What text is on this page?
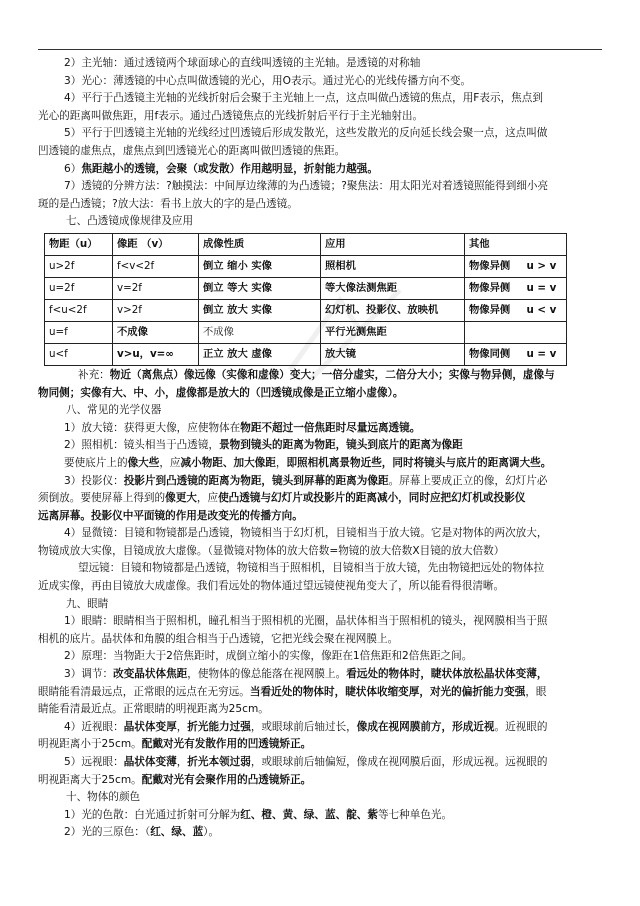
2）主光轴：通过透镜两个球面球心的直线叫透镜的主光轴。是透镜的对称轴

3）光心：薄透镜的中心点叫做透镜的光心，用O表示。通过光心的光线传播方向不变。

4）平行于凸透镜主光轴的光线折射后会聚于主光轴上一点，这点叫做凸透镜的焦点，用F表示，焦点到

光心的距离叫做焦距，用f表示。通过凸透镜焦点的光线折射后平行于主光轴射出。

5）平行于凹透镜主光轴的光线经过凹透镜后形成发散光，这些发散光的反向延长线会聚一点，这点叫做

凹透镜的虚焦点，虚焦点到凹透镜光心的距离叫做凹透镜的焦距。

6）焦距越小的透镜，会聚（或发散）作用越明显，折射能力越强。

7）透镜的分辨方法：?触摸法：中间厚边缘薄的为凸透镜；?聚焦法：用太阳光对着透镜照能得到细小亮

斑的是凸透镜；?放大法：看书上放大的字的是凸透镜。

七、凸透镜成像规律及应用

物距（u）	像距 （v）	成像性质	应用	其他	
u>2f	f<v<2f	倒立 缩小 实像	照相机	物像异侧	u > v
u=2f	v=2f	倒立 等大 实像	等大像法测焦距	物像异侧	u = v
f<u<2f	v>2f	倒立 放大 实像	幻灯机、投影仪、放映机	物像异侧	u < v
u=f	不成像	不成像	平行光测焦距		
u<f	v>u，v=∞	正立 放大 虚像	放大镜	物像同侧	u = v

补充：物近（离焦点）像远像（实像和虚像）变大；一倍分虚实，二倍分大小；实像与物异侧，虚像与

物同侧；实像有大、中、小，虚像都是放大的（凹透镜成像是正立缩小虚像）。

八、常见的光学仪器

1）放大镜：获得更大像，应使物体在物距不超过一倍焦距时尽量远离透镜。

2）照相机：镜头相当于凸透镜，景物到镜头的距离为物距，镜头到底片的距离为像距

要使底片上的像大些，应减小物距、加大像距，即照相机离景物近些，同时将镜头与底片的距离调大些。

3）投影仪：投影片到凸透镜的距离为物距，镜头到屏幕的距离为像距。屏幕上要成正立的像，幻灯片必

须倒放。要使屏幕上得到的像更大，应使凸透镜与幻灯片或投影片的距离减小，同时应把幻灯机或投影仪

远离屏幕。投影仪中平面镜的作用是改变光的传播方向。

4）显微镜：目镜和物镜都是凸透镜，物镜相当于幻灯机，目镜相当于放大镜。它是对物体的两次放大，

物镜成放大实像，目镜成放大虚像。（显微镜对物体的放大倍数=物镜的放大倍数X目镜的放大倍数）

望远镜：目镜和物镜都是凸透镜，物镜相当于照相机，目镜相当于放大镜，先由物镜把远处的物体拉

近成实像，再由目镜放大成虚像。我们看远处的物体通过望远镜使视角变大了，所以能看得很清晰。

九、眼睛

1）眼睛：眼睛相当于照相机，瞳孔相当于照相机的光圈，晶状体相当于照相机的镜头，视网膜相当于照

相机的底片。晶状体和角膜的组合相当于凸透镜，它把光线会聚在视网膜上。

2）原理：当物距大于2倍焦距时，成倒立缩小的实像，像距在1倍焦距和2倍焦距之间。

3）调节：改变晶状体焦距，使物体的像总能落在视网膜上。看远处的物体时，睫状体放松晶状体变薄，

眼睛能看清最远点，正常眼的远点在无穷远。当看近处的物体时，睫状体收缩变厚，对光的偏折能力变强，眼

睛能看清最近点。正常眼睛的明视距离为25cm。

4）近视眼：晶状体变厚，折光能力过强，或眼球前后轴过长，像成在视网膜前方，形成近视。近视眼的

明视距离小于25cm。配戴对光有发散作用的凹透镜矫正。

5）远视眼：晶状体变薄，折光本领过弱，或眼球前后轴偏短，像成在视网膜后面，形成远视。远视眼的

明视距离大于25cm。配戴对光有会聚作用的凸透镜矫正。

十、物体的颜色

1）光的色散：白光通过折射可分解为红、橙、黄、绿、蓝、靛、紫等七种单色光。

2）光的三原色：（红、绿、蓝）。
